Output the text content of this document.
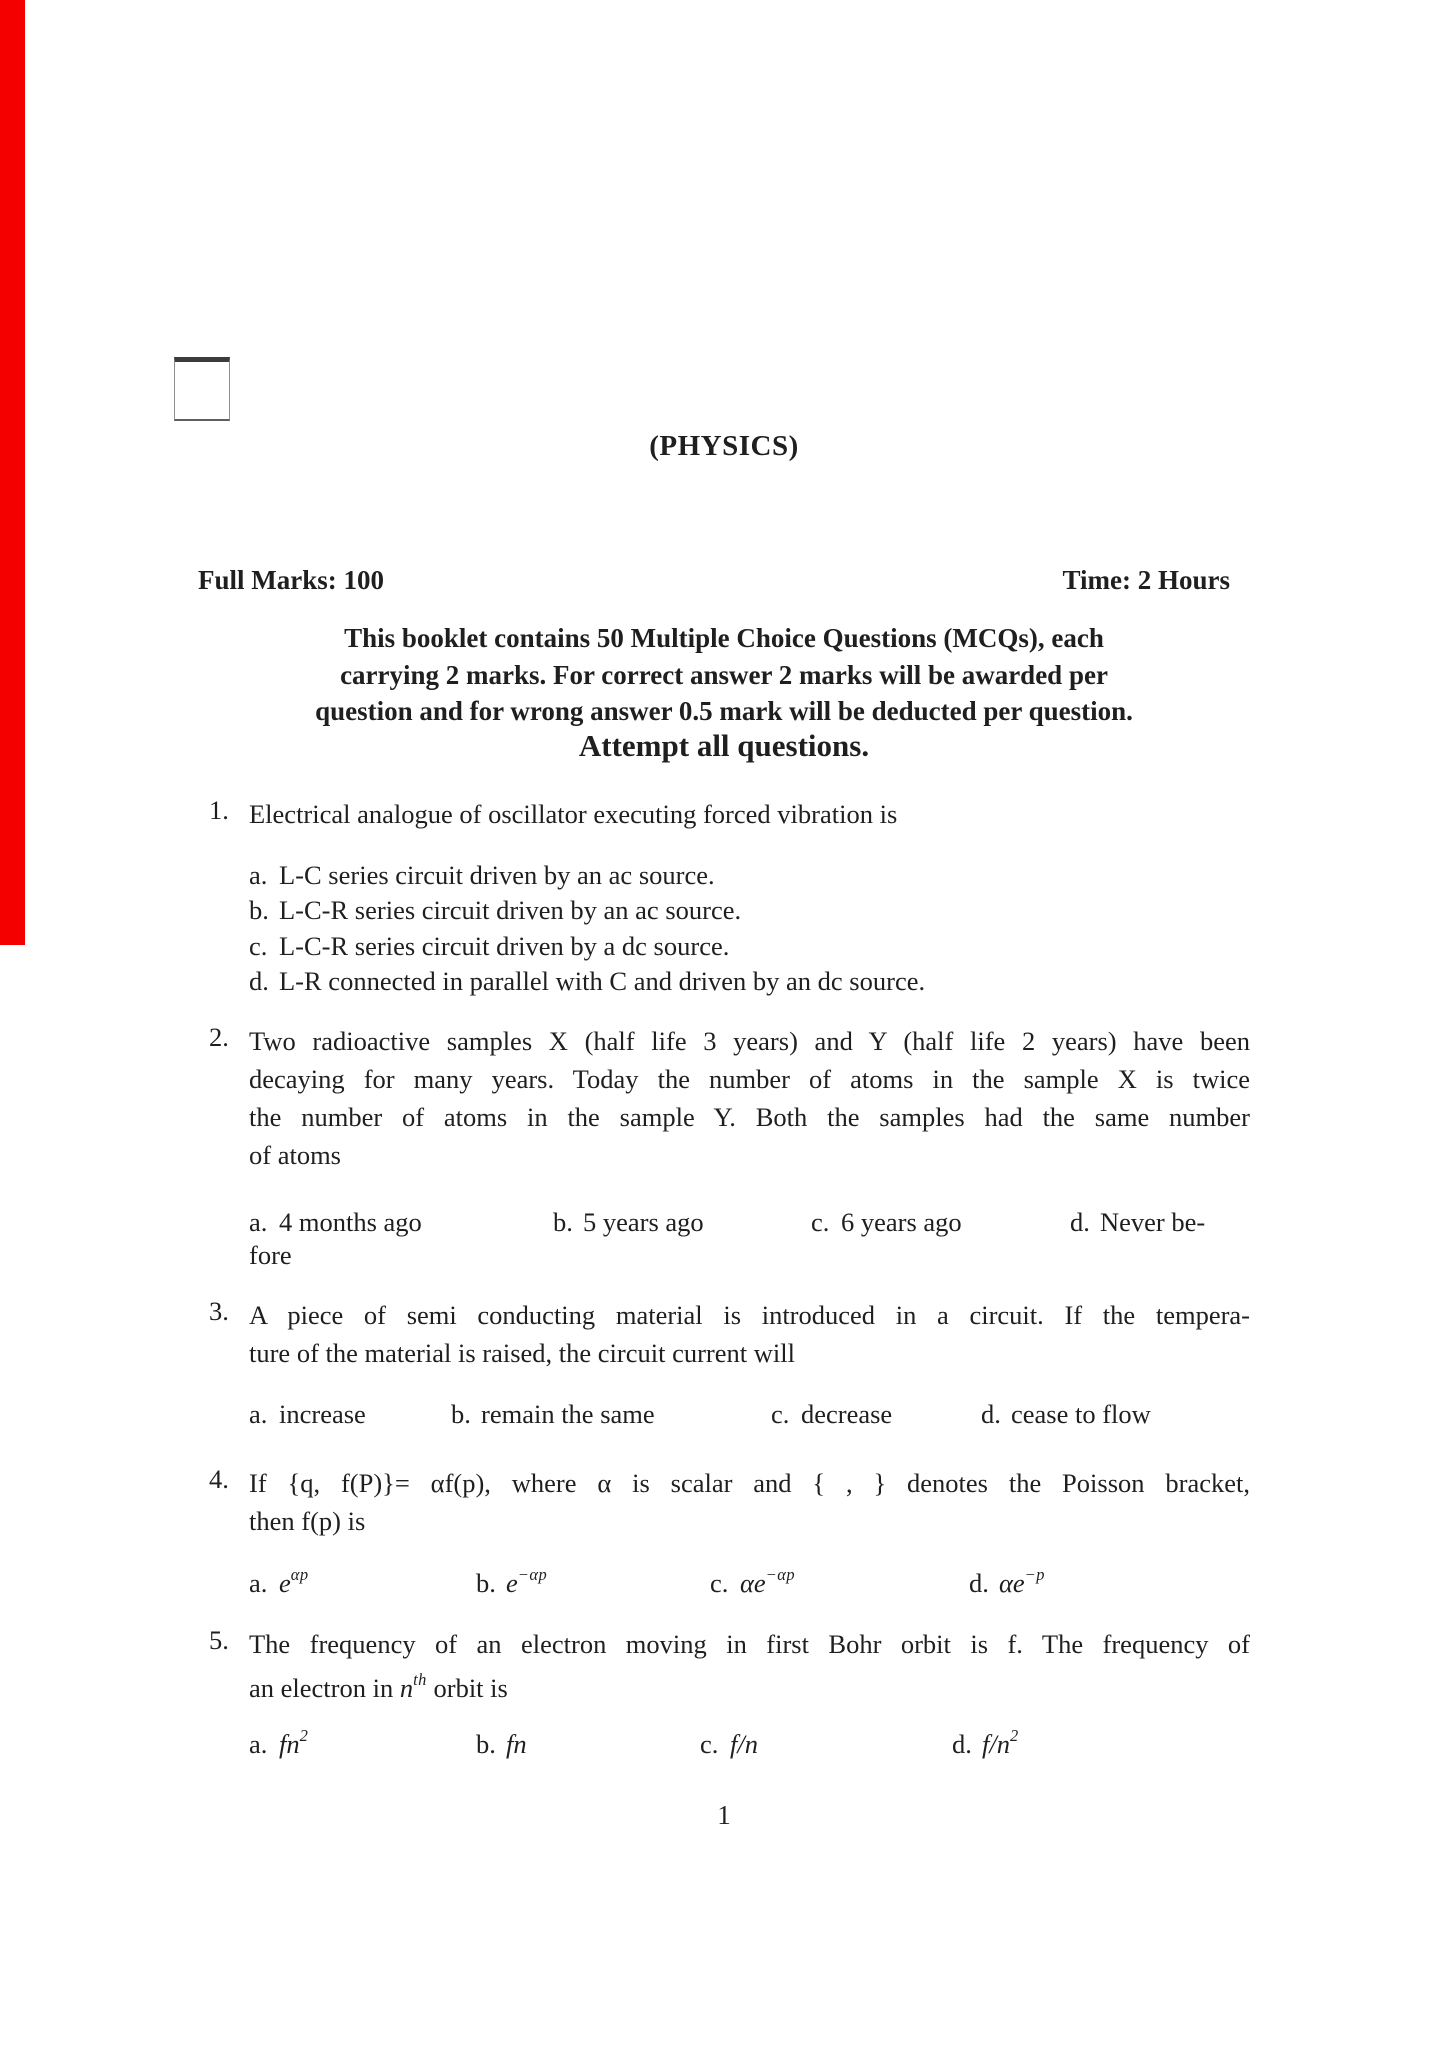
(PHYSICS)
Full Marks: 100	Time: 2 Hours
This booklet contains 50 Multiple Choice Questions (MCQs), each
carrying 2 marks. For correct answer 2 marks will be awarded per
question and for wrong answer 0.5 mark will be deducted per question.
Attempt all questions.
1. Electrical analogue of oscillator executing forced vibration is
a. L-C series circuit driven by an ac source.
b. L-C-R series circuit driven by an ac source.
c. L-C-R series circuit driven by a dc source.
d. L-R connected in parallel with C and driven by an dc source.
2. Two radioactive samples X (half life 3 years) and Y (half life 2 years) have been
decaying for many years. Today the number of atoms in the sample X is twice
the number of atoms in the sample Y. Both the samples had the same number
of atoms
a. 4 months ago	b. 5 years ago	c. 6 years ago	d. Never be-
fore
3. A piece of semi conducting material is introduced in a circuit. If the tempera-
ture of the material is raised, the circuit current will
a. increase	b. remain the same	c. decrease	d. cease to flow
4. If {q, f(P)}= αf(p), where α is scalar and { , } denotes the Poisson bracket,
then f(p) is
a. $e^{\alpha p}$	b. $e^{-\alpha p}$	c. $\alpha e^{-\alpha p}$	d. $\alpha e^{-p}$
5. The frequency of an electron moving in first Bohr orbit is f. The frequency of
an electron in $n^{th}$ orbit is
a. $fn^2$	b. fn	c. f/n	d. $f/n^2$
1
